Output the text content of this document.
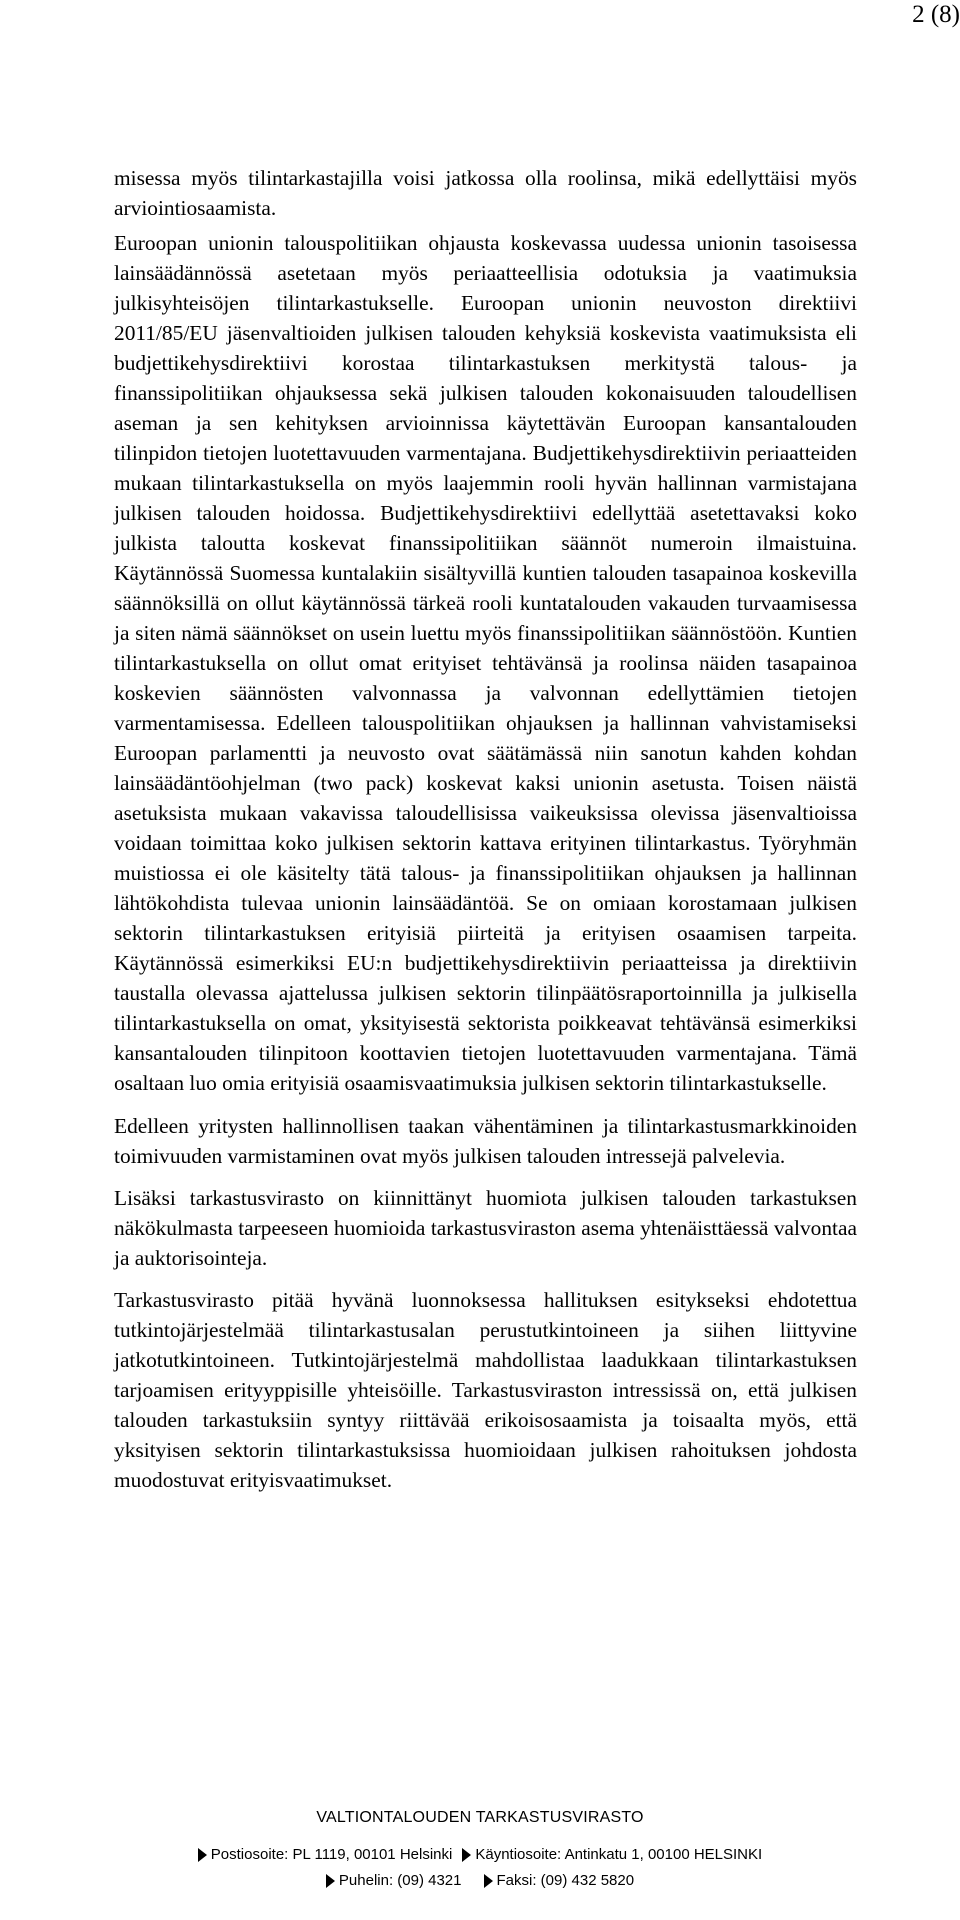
2 (8)

misessa myös tilintarkastajilla voisi jatkossa olla roolinsa, mikä edellyttäisi myös arviointiosaamista.

Euroopan unionin talouspolitiikan ohjausta koskevassa uudessa unionin tasoisessa lainsäädännössä asetetaan myös periaatteellisia odotuksia ja vaatimuksia julkisyhteisöjen tilintarkastukselle. Euroopan unionin neuvoston direktiivi 2011/85/EU jäsenvaltioiden julkisen talouden kehyksiä koskevista vaatimuksista eli budjettikehysdirektiivi korostaa tilintarkastuksen merkitystä talous- ja finanssipolitiikan ohjauksessa sekä julkisen talouden kokonaisuuden taloudellisen aseman ja sen kehityksen arvioinnissa käytettävän Euroopan kansantalouden tilinpidon tietojen luotettavuuden varmentajana. Budjettikehysdirektiivin periaatteiden mukaan tilintarkastuksella on myös laajemmin rooli hyvän hallinnan varmistajana julkisen talouden hoidossa. Budjettikehysdirektiivi edellyttää asetettavaksi koko julkista taloutta koskevat finanssipolitiikan säännöt numeroin ilmaistuina. Käytännössä Suomessa kuntalakiin sisältyvillä kuntien talouden tasapainoa koskevilla säännöksillä on ollut käytännössä tärkeä rooli kuntatalouden vakauden turvaamisessa ja siten nämä säännökset on usein luettu myös finanssipolitiikan säännöstöön. Kuntien tilintarkastuksella on ollut omat erityiset tehtävänsä ja roolinsa näiden tasapainoa koskevien säännösten valvonnassa ja valvonnan edellyttämien tietojen varmentamisessa. Edelleen talouspolitiikan ohjauksen ja hallinnan vahvistamiseksi Euroopan parlamentti ja neuvosto ovat säätämässä niin sanotun kahden kohdan lainsäädäntöohjelman (two pack) koskevat kaksi unionin asetusta. Toisen näistä asetuksista mukaan vakavissa taloudellisissa vaikeuksissa olevissa jäsenvaltioissa voidaan toimittaa koko julkisen sektorin kattava erityinen tilintarkastus. Työryhmän muistiossa ei ole käsitelty tätä talous- ja finanssipolitiikan ohjauksen ja hallinnan lähtökohdista tulevaa unionin lainsäädäntöä. Se on omiaan korostamaan julkisen sektorin tilintarkastuksen erityisiä piirteitä ja erityisen osaamisen tarpeita. Käytännössä esimerkiksi EU:n budjettikehysdirektiivin periaatteissa ja direktiivin taustalla olevassa ajattelussa julkisen sektorin tilinpäätösraportoinnilla ja julkisella tilintarkastuksella on omat, yksityisestä sektorista poikkeavat tehtävänsä esimerkiksi kansantalouden tilinpitoon koottavien tietojen luotettavuuden varmentajana. Tämä osaltaan luo omia erityisiä osaamisvaatimuksia julkisen sektorin tilintarkastukselle.

Edelleen yritysten hallinnollisen taakan vähentäminen ja tilintarkastusmarkkinoiden toimivuuden varmistaminen ovat myös julkisen talouden intressejä palvelevia.

Lisäksi tarkastusvirasto on kiinnittänyt huomiota julkisen talouden tarkastuksen näkökulmasta tarpeeseen huomioida tarkastusviraston asema yhtenäisttäessä valvontaa ja auktorisointeja.

Tarkastusvirasto pitää hyvänä luonnoksessa hallituksen esitykseksi ehdotettua tutkintojärjestelmää tilintarkastusalan perustutkintoineen ja siihen liittyvine jatkotutkintoineen. Tutkintojärjestelmä mahdollistaa laadukkaan tilintarkastuksen tarjoamisen erityyppisille yhteisöille. Tarkastusviraston intressissä on, että julkisen talouden tarkastuksiin syntyy riittävää erikoisosaamista ja toisaalta myös, että yksityisen sektorin tilintarkastuksissa huomioidaan julkisen rahoituksen johdosta muodostuvat erityisvaatimukset.

VALTIONTALOUDEN TARKASTUSVIRASTO
Postiosoite: PL 1119, 00101 Helsinki Käyntiosoite: Antinkatu 1, 00100 HELSINKI
Puhelin: (09) 4321 Faksi: (09) 432 5820
